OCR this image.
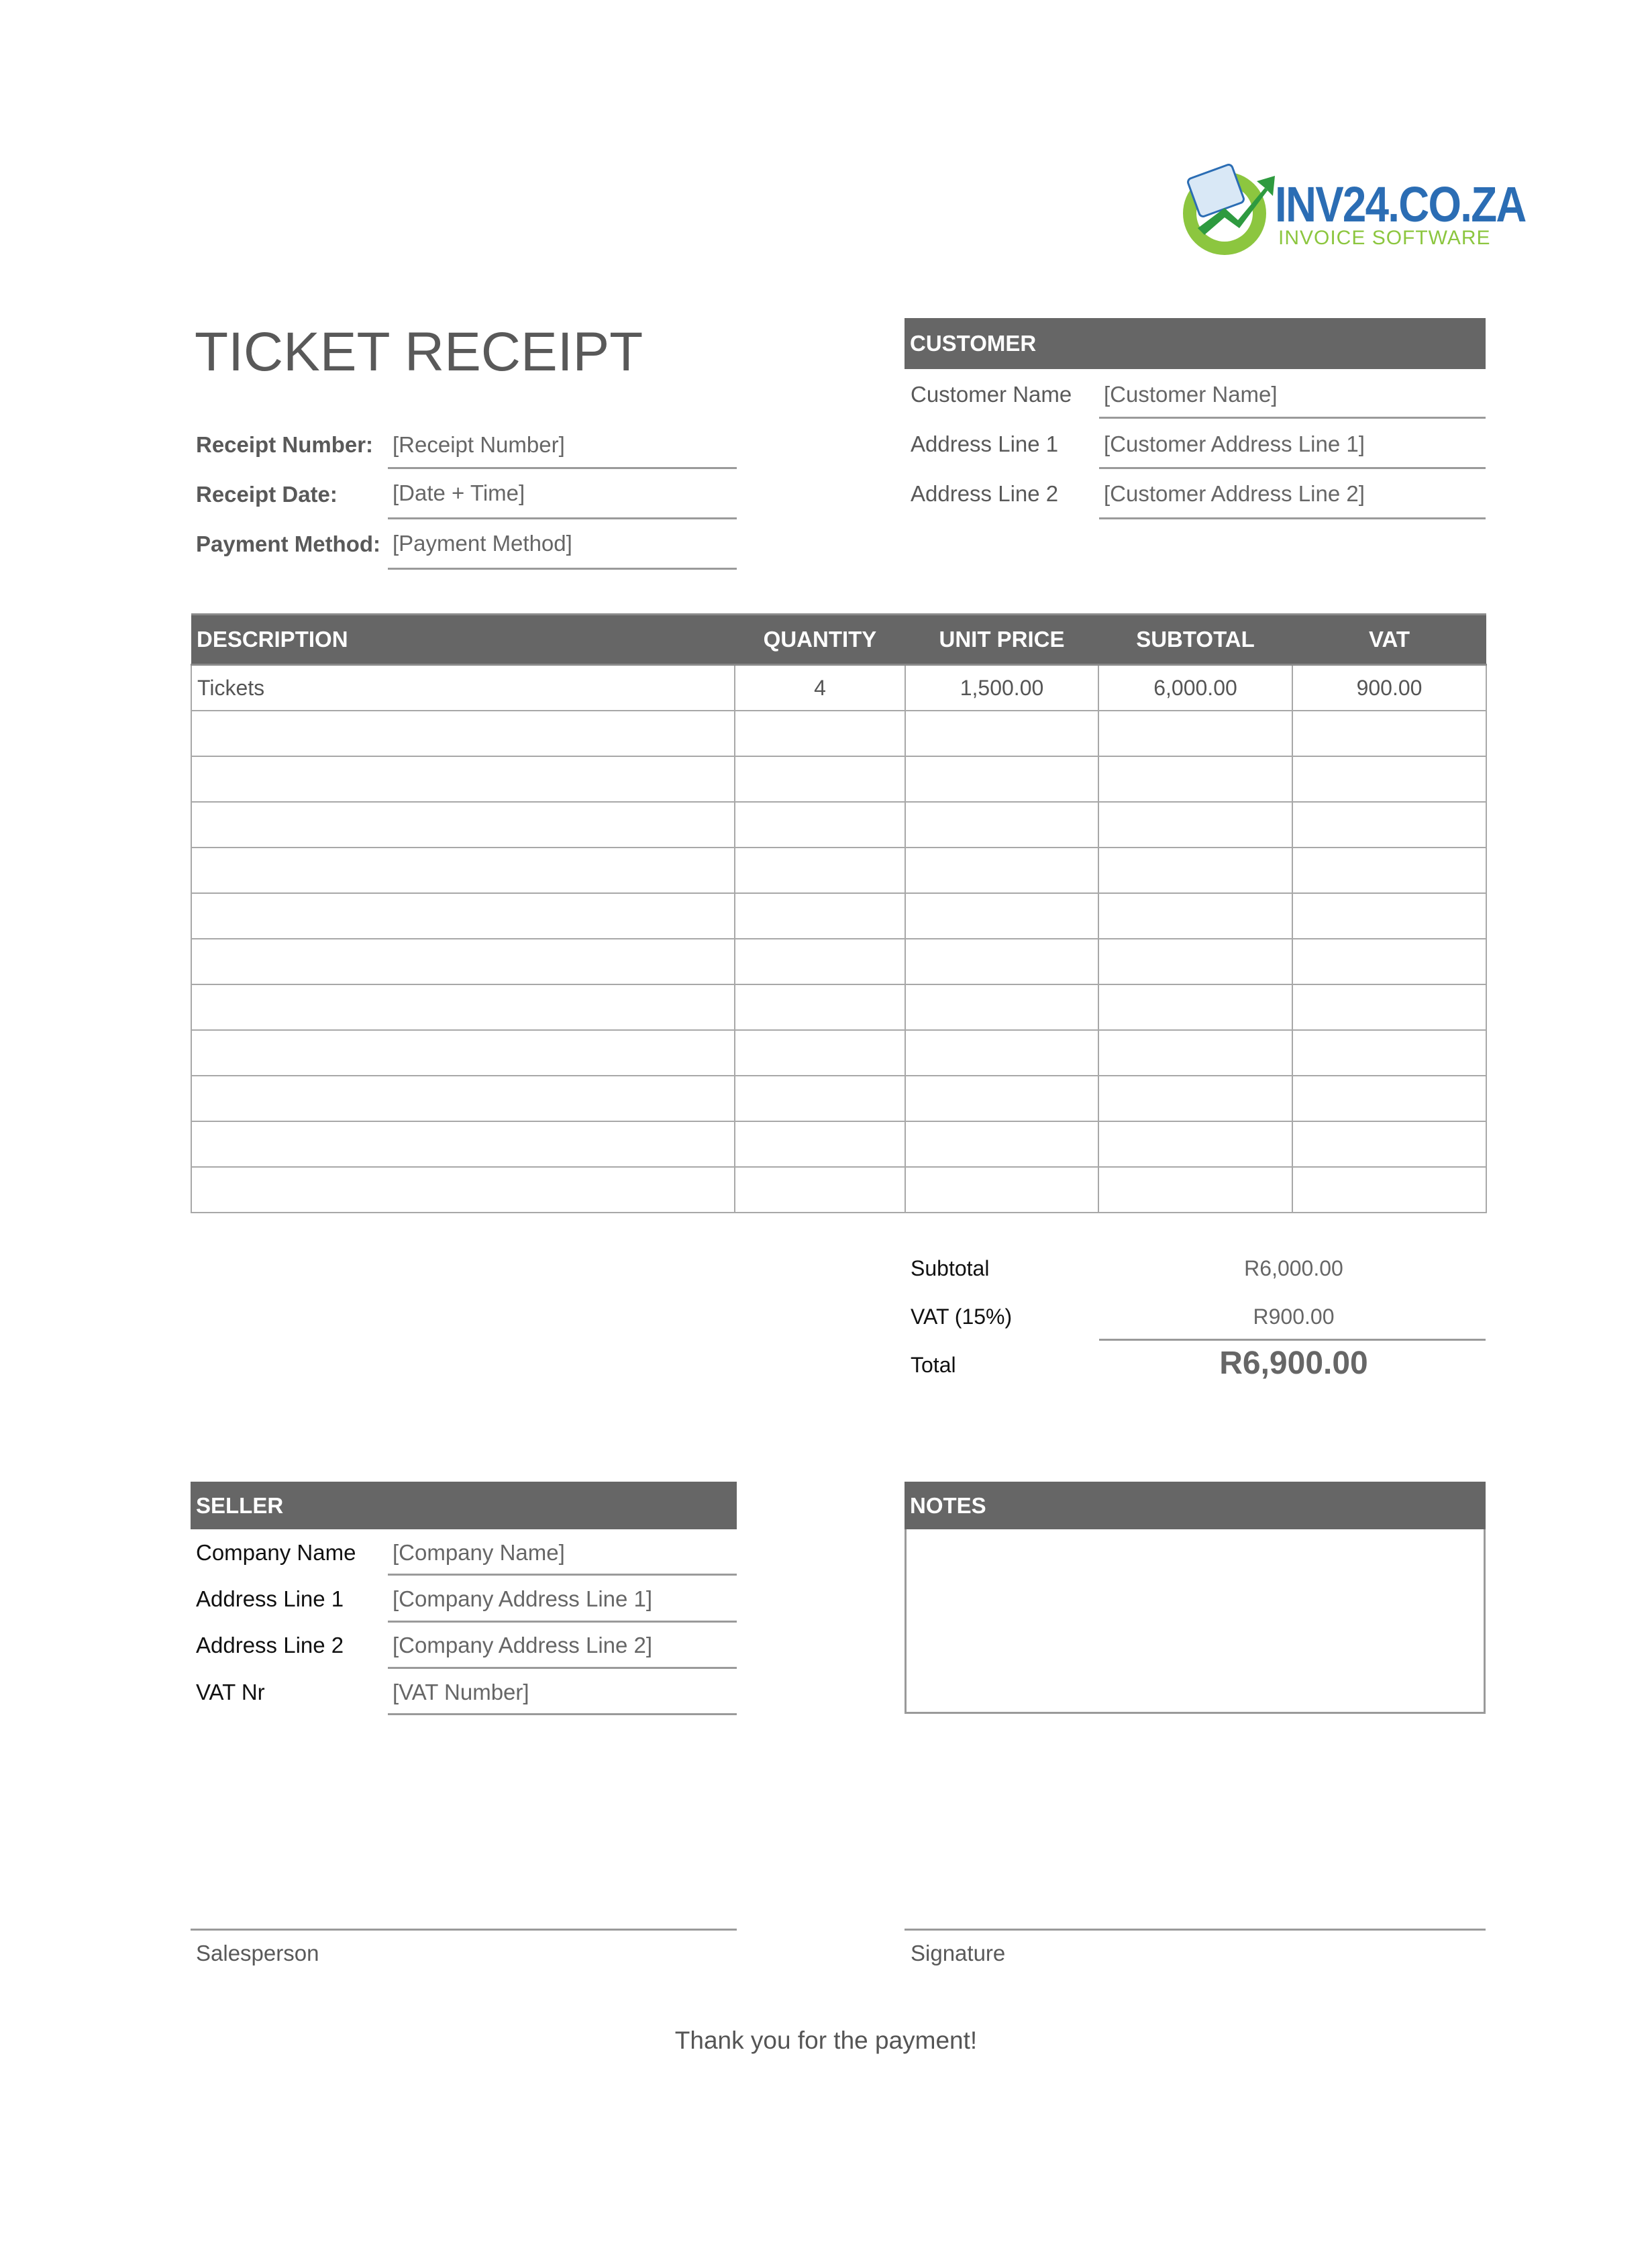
INV24.CO.ZA
INVOICE SOFTWARE
TICKET RECEIPT
Receipt Number: [Receipt Number]
Receipt Date: [Date + Time]
Payment Method: [Payment Method]
CUSTOMER
Customer Name [Customer Name]
Address Line 1 [Customer Address Line 1]
Address Line 2 [Customer Address Line 2]
DESCRIPTION	QUANTITY	UNIT PRICE	SUBTOTAL	VAT
Tickets	4	1,500.00	6,000.00	900.00

Subtotal	R6,000.00
VAT (15%)	R900.00
Total	R6,900.00
SELLER
Company Name [Company Name]
Address Line 1 [Company Address Line 1]
Address Line 2 [Company Address Line 2]
VAT Nr	[VAT Number]
NOTES
Salesperson	Signature
Thank you for the payment!
